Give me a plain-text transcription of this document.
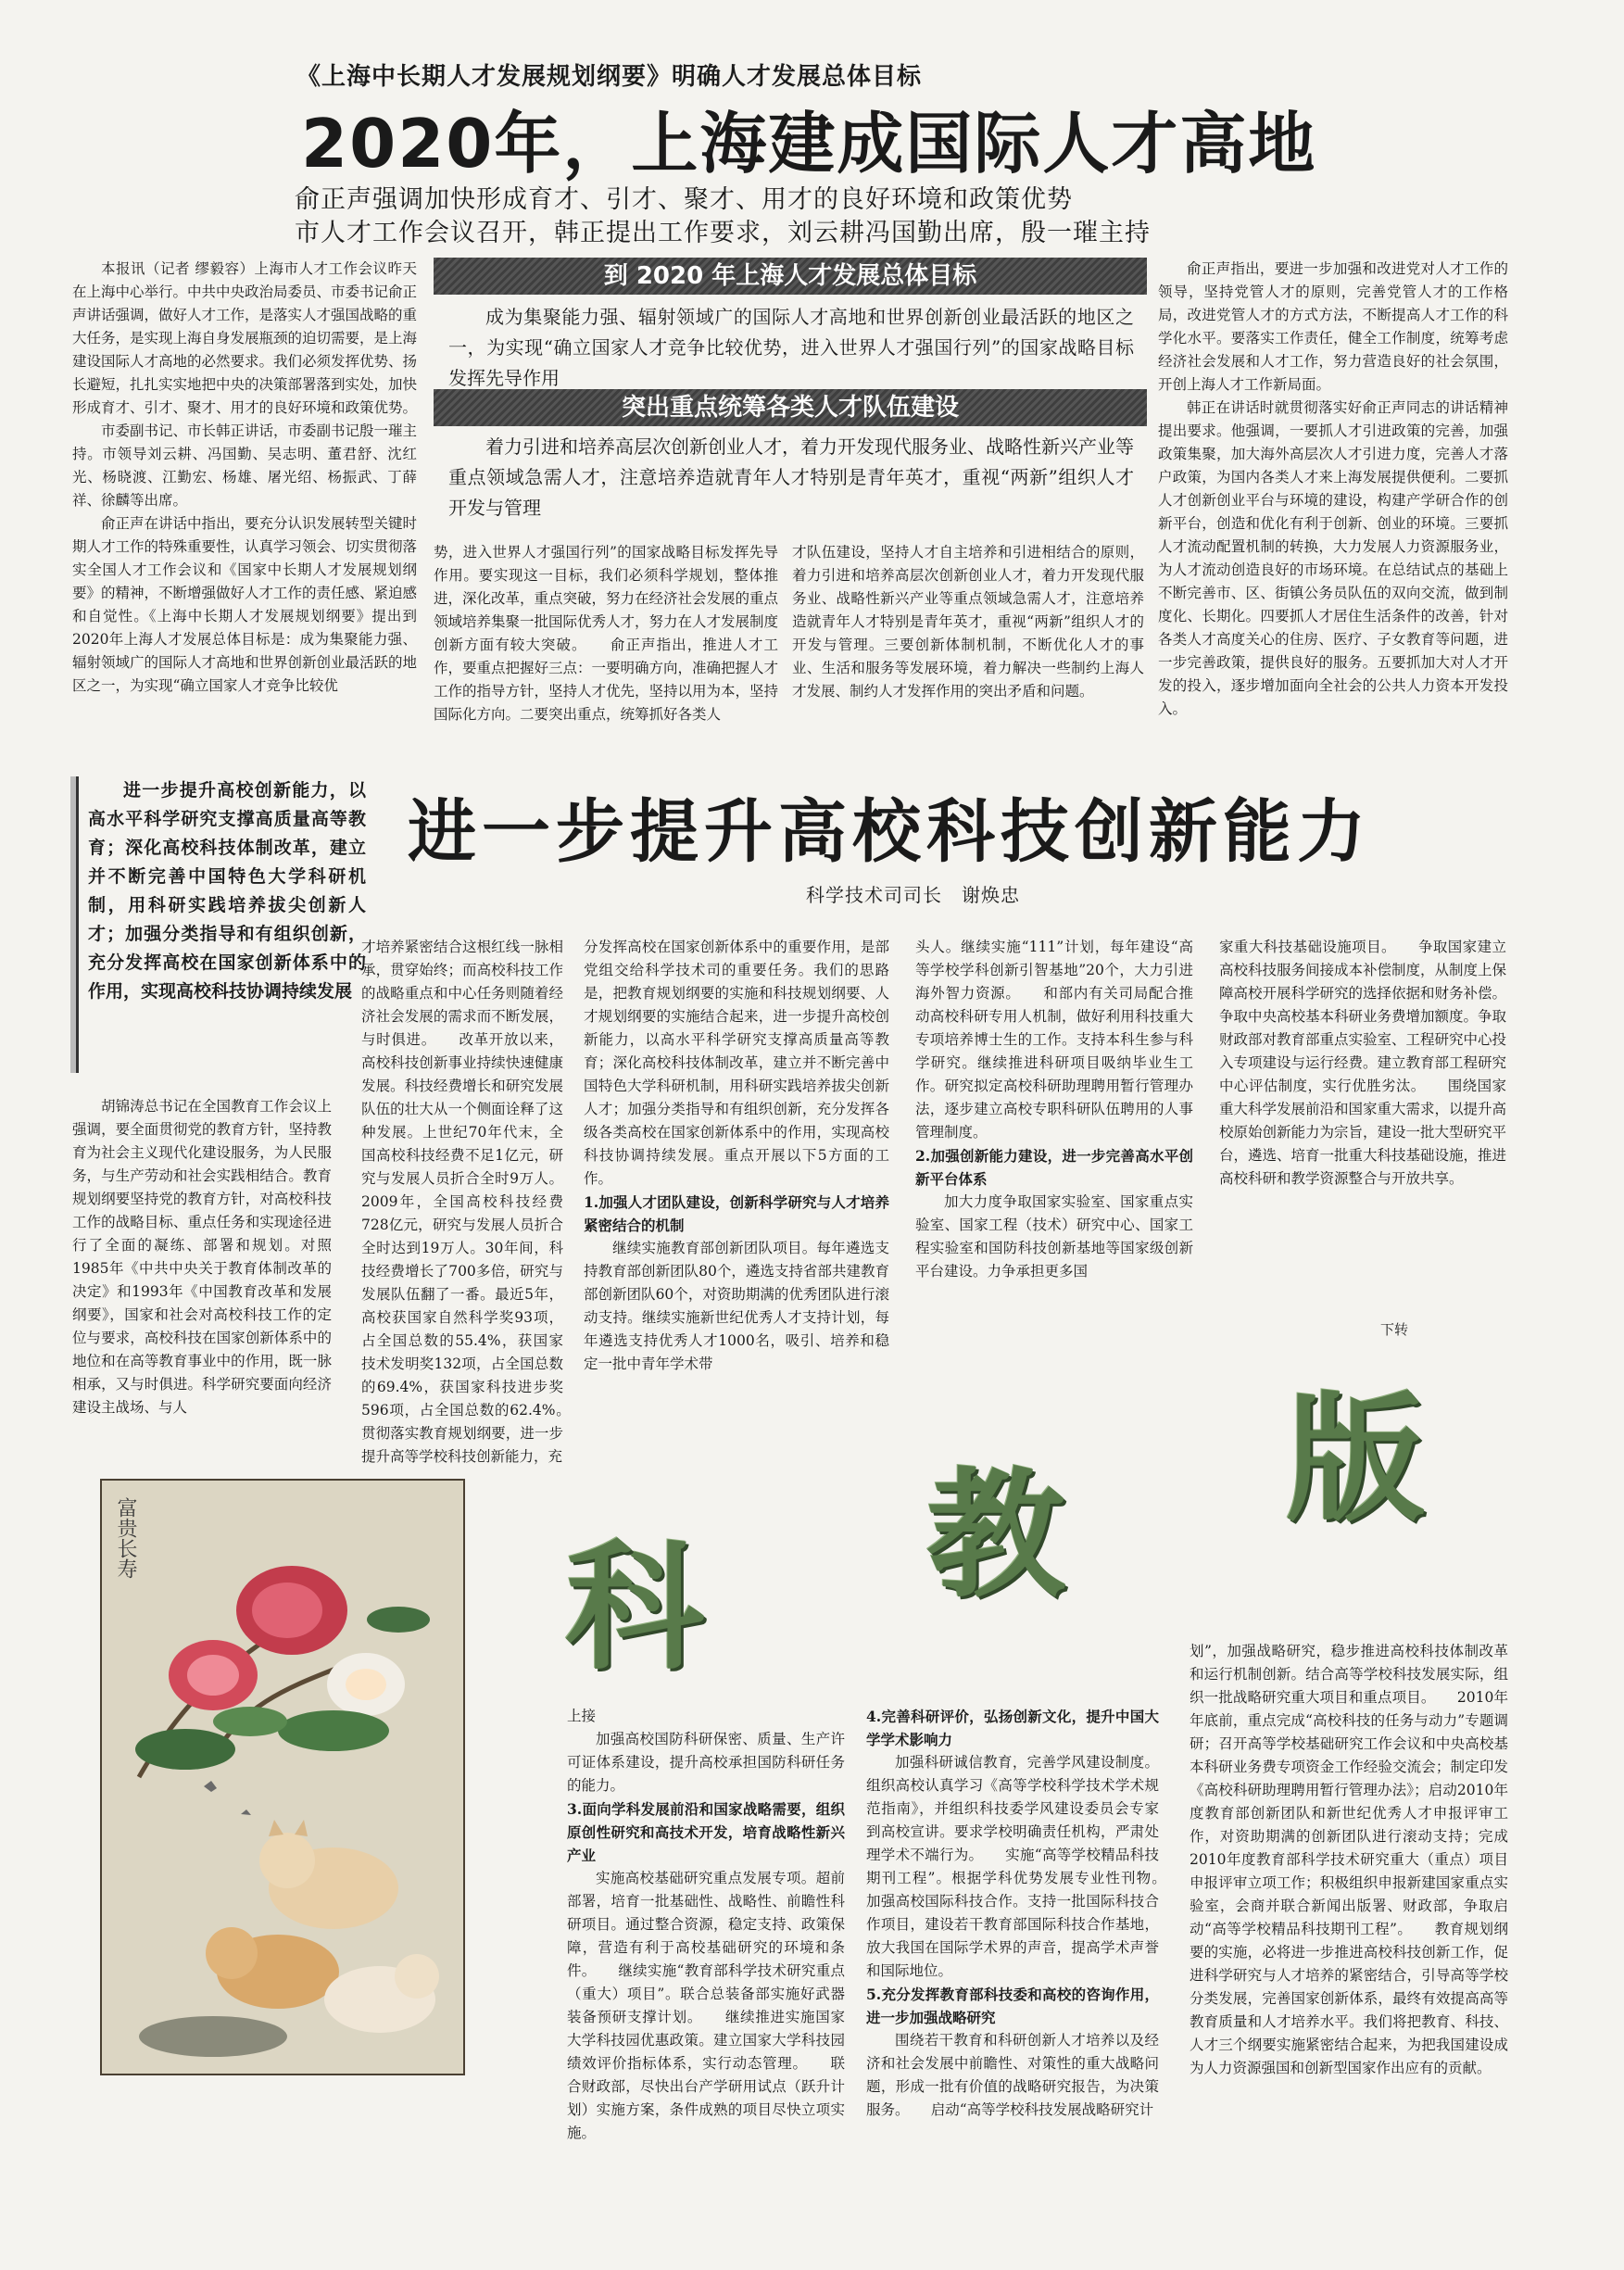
《上海中长期人才发展规划纲要》明确人才发展总体目标
2020年，上海建成国际人才高地
俞正声强调加快形成育才、引才、聚才、用才的良好环境和政策优势
市人才工作会议召开，韩正提出工作要求，刘云耕冯国勤出席，殷一璀主持

本报讯（记者 缪毅容）上海市人才工作会议昨天在上海中心举行。中共中央政治局委员、市委书记俞正声讲话强调，做好人才工作，是落实人才强国战略的重大任务，是实现上海自身发展瓶颈的迫切需要，是上海建设国际人才高地的必然要求。我们必须发挥优势、扬长避短，扎扎实实地把中央的决策部署落到实处，加快形成育才、引才、聚才、用才的良好环境和政策优势。

市委副书记、市长韩正讲话，市委副书记殷一璀主持。市领导刘云耕、冯国勤、吴志明、董君舒、沈红光、杨晓渡、江勤宏、杨雄、屠光绍、杨振武、丁薛祥、徐麟等出席。

俞正声在讲话中指出，要充分认识发展转型关键时期人才工作的特殊重要性，认真学习领会、切实贯彻落实全国人才工作会议和《国家中长期人才发展规划纲要》的精神，不断增强做好人才工作的责任感、紧迫感和自觉性。《上海中长期人才发展规划纲要》提出到2020年上海人才发展总体目标是：成为集聚能力强、辐射领域广的国际人才高地和世界创新创业最活跃的地区之一，为实现“确立国家人才竞争比较优

到 2020 年上海人才发展总体目标
成为集聚能力强、辐射领域广的国际人才高地和世界创新创业最活跃的地区之一，为实现“确立国家人才竞争比较优势，进入世界人才强国行列”的国家战略目标发挥先导作用
突出重点统筹各类人才队伍建设
着力引进和培养高层次创新创业人才，着力开发现代服务业、战略性新兴产业等重点领域急需人才，注意培养造就青年人才特别是青年英才，重视“两新”组织人才开发与管理

势，进入世界人才强国行列”的国家战略目标发挥先导作用。要实现这一目标，我们必须科学规划，整体推进，深化改革，重点突破，努力在经济社会发展的重点领域培养集聚一批国际优秀人才，努力在人才发展制度创新方面有较大突破。　　俞正声指出，推进人才工作，要重点把握好三点：一要明确方向，准确把握人才工作的指导方针，坚持人才优先，坚持以用为本，坚持国际化方向。二要突出重点，统筹抓好各类人

才队伍建设，坚持人才自主培养和引进相结合的原则，着力引进和培养高层次创新创业人才，着力开发现代服务业、战略性新兴产业等重点领域急需人才，注意培养造就青年人才特别是青年英才，重视“两新”组织人才的开发与管理。三要创新体制机制，不断优化人才的事业、生活和服务等发展环境，着力解决一些制约上海人才发展、制约人才发挥作用的突出矛盾和问题。

俞正声指出，要进一步加强和改进党对人才工作的领导，坚持党管人才的原则，完善党管人才的工作格局，改进党管人才的方式方法，不断提高人才工作的科学化水平。要落实工作责任，健全工作制度，统筹考虑经济社会发展和人才工作，努力营造良好的社会氛围，开创上海人才工作新局面。

韩正在讲话时就贯彻落实好俞正声同志的讲话精神提出要求。他强调，一要抓人才引进政策的完善，加强政策集聚，加大海外高层次人才引进力度，完善人才落户政策，为国内各类人才来上海发展提供便利。二要抓人才创新创业平台与环境的建设，构建产学研合作的创新平台，创造和优化有利于创新、创业的环境。三要抓人才流动配置机制的转换，大力发展人力资源服务业，为人才流动创造良好的市场环境。在总结试点的基础上不断完善市、区、街镇公务员队伍的双向交流，做到制度化、长期化。四要抓人才居住生活条件的改善，针对各类人才高度关心的住房、医疗、子女教育等问题，进一步完善政策，提供良好的服务。五要抓加大对人才开发的投入，逐步增加面向全社会的公共人力资本开发投入。

进一步提升高校创新能力，以高水平科学研究支撑高质量高等教育；深化高校科技体制改革，建立并不断完善中国特色大学科研机制，用科研实践培养拔尖创新人才；加强分类指导和有组织创新，充分发挥高校在国家创新体系中的作用，实现高校科技协调持续发展
进一步提升高校科技创新能力
科学技术司司长　谢焕忠

胡锦涛总书记在全国教育工作会议上强调，要全面贯彻党的教育方针，坚持教育为社会主义现代化建设服务，为人民服务，与生产劳动和社会实践相结合。教育规划纲要坚持党的教育方针，对高校科技工作的战略目标、重点任务和实现途径进行了全面的凝练、部署和规划。对照1985年《中共中央关于教育体制改革的决定》和1993年《中国教育改革和发展纲要》，国家和社会对高校科技工作的定位与要求，高校科技在国家创新体系中的地位和在高等教育事业中的作用，既一脉相承，又与时俱进。科学研究要面向经济建设主战场、与人

才培养紧密结合这根红线一脉相承，贯穿始终；而高校科技工作的战略重点和中心任务则随着经济社会发展的需求而不断发展，与时俱进。　　改革开放以来，高校科技创新事业持续快速健康发展。科技经费增长和研究发展队伍的壮大从一个侧面诠释了这种发展。上世纪70年代末，全国高校科技经费不足1亿元，研究与发展人员折合全时9万人。2009年，全国高校科技经费728亿元，研究与发展人员折合全时达到19万人。30年间，科技经费增长了700多倍，研究与发展队伍翻了一番。最近5年，高校获国家自然科学奖93项，占全国总数的55.4%，获国家技术发明奖132项，占全国总数的69.4%，获国家科技进步奖596项，占全国总数的62.4%。　　贯彻落实教育规划纲要，进一步提升高等学校科技创新能力，充

分发挥高校在国家创新体系中的重要作用，是部党组交给科学技术司的重要任务。我们的思路是，把教育规划纲要的实施和科技规划纲要、人才规划纲要的实施结合起来，进一步提升高校创新能力，以高水平科学研究支撑高质量高等教育；深化高校科技体制改革，建立并不断完善中国特色大学科研机制，用科研实践培养拔尖创新人才；加强分类指导和有组织创新，充分发挥各级各类高校在国家创新体系中的作用，实现高校科技协调持续发展。重点开展以下5方面的工作。

1.加强人才团队建设，创新科学研究与人才培养紧密结合的机制

继续实施教育部创新团队项目。每年遴选支持教育部创新团队80个，遴选支持省部共建教育部创新团队60个，对资助期满的优秀团队进行滚动支持。继续实施新世纪优秀人才支持计划，每年遴选支持优秀人才1000名，吸引、培养和稳定一批中青年学术带

头人。继续实施“111”计划，每年建设“高等学校学科创新引智基地”20个，大力引进海外智力资源。　　和部内有关司局配合推动高校科研专用人机制，做好利用科技重大专项培养博士生的工作。支持本科生参与科学研究。继续推进科研项目吸纳毕业生工作。研究拟定高校科研助理聘用暂行管理办法，逐步建立高校专职科研队伍聘用的人事管理制度。

2.加强创新能力建设，进一步完善高水平创新平台体系

加大力度争取国家实验室、国家重点实验室、国家工程（技术）研究中心、国家工程实验室和国防科技创新基地等国家级创新平台建设。力争承担更多国

家重大科技基础设施项目。　　争取国家建立高校科技服务间接成本补偿制度，从制度上保障高校开展科学研究的选择依据和财务补偿。争取中央高校基本科研业务费增加额度。争取财政部对教育部重点实验室、工程研究中心投入专项建设与运行经费。建立教育部工程研究中心评估制度，实行优胜劣汰。　　围绕国家重大科学发展前沿和国家重大需求，以提升高校原始创新能力为宗旨，建设一批大型研究平台，遴选、培育一批重大科技基础设施，推进高校科研和教学资源整合与开放共享。

下转
富贵长寿	科 教 版

上接

加强高校国防科研保密、质量、生产许可证体系建设，提升高校承担国防科研任务的能力。

3.面向学科发展前沿和国家战略需要，组织原创性研究和高技术开发，培育战略性新兴产业

实施高校基础研究重点发展专项。超前部署，培育一批基础性、战略性、前瞻性科研项目。通过整合资源，稳定支持、政策保障，营造有利于高校基础研究的环境和条件。　　继续实施“教育部科学技术研究重点（重大）项目”。联合总装备部实施好武器装备预研支撑计划。　　继续推进实施国家大学科技园优惠政策。建立国家大学科技园绩效评价指标体系，实行动态管理。　　联合财政部，尽快出台产学研用试点（跃升计划）实施方案，条件成熟的项目尽快立项实施。

4.完善科研评价，弘扬创新文化，提升中国大学学术影响力

加强科研诚信教育，完善学风建设制度。组织高校认真学习《高等学校科学技术学术规范指南》，并组织科技委学风建设委员会专家到高校宣讲。要求学校明确责任机构，严肃处理学术不端行为。　　实施“高等学校精品科技期刊工程”。根据学科优势发展专业性刊物。　　加强高校国际科技合作。支持一批国际科技合作项目，建设若干教育部国际科技合作基地，放大我国在国际学术界的声音，提高学术声誉和国际地位。

5.充分发挥教育部科技委和高校的咨询作用，进一步加强战略研究

围绕若干教育和科研创新人才培养以及经济和社会发展中前瞻性、对策性的重大战略问题，形成一批有价值的战略研究报告，为决策服务。　　启动“高等学校科技发展战略研究计

划”，加强战略研究，稳步推进高校科技体制改革和运行机制创新。结合高等学校科技发展实际，组织一批战略研究重大项目和重点项目。　　2010年年底前，重点完成“高校科技的任务与动力”专题调研；召开高等学校基础研究工作会议和中央高校基本科研业务费专项资金工作经验交流会；制定印发《高校科研助理聘用暂行管理办法》；启动2010年度教育部创新团队和新世纪优秀人才申报评审工作，对资助期满的创新团队进行滚动支持；完成2010年度教育部科学技术研究重大（重点）项目申报评审立项工作；积极组织申报新建国家重点实验室，会商并联合新闻出版署、财政部，争取启动“高等学校精品科技期刊工程”。　　教育规划纲要的实施，必将进一步推进高校科技创新工作，促进科学研究与人才培养的紧密结合，引导高等学校分类发展，完善国家创新体系，最终有效提高高等教育质量和人才培养水平。我们将把教育、科技、人才三个纲要实施紧密结合起来，为把我国建设成为人力资源强国和创新型国家作出应有的贡献。
